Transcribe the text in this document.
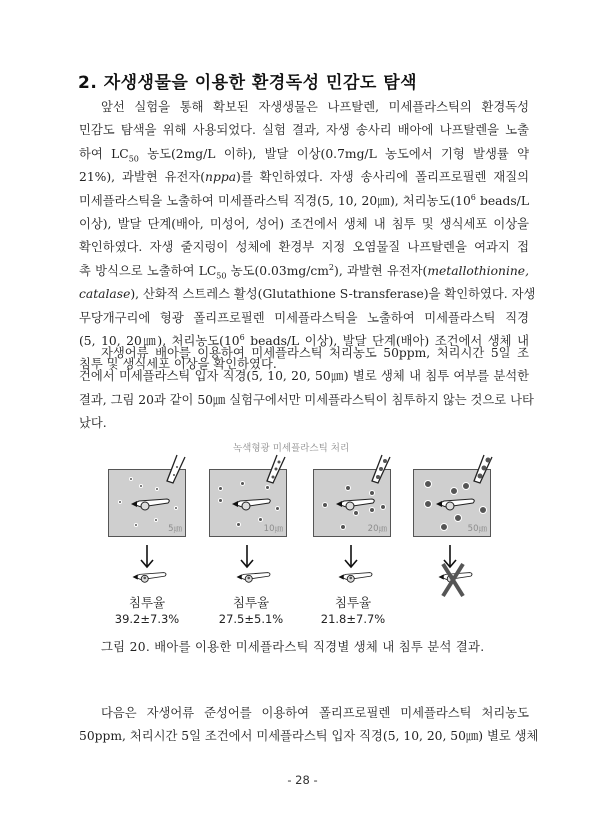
2. 자생생물을 이용한 환경독성 민감도 탐색
앞선 실험을 통해 확보된 자생생물은 나프탈렌, 미세플라스틱의 환경독성
민감도 탐색을 위해 사용되었다. 실험 결과, 자생 송사리 배아에 나프탈렌을 노출
하여 $LC_{50}$ 농도(2mg/L 이하), 발달 이상(0.7mg/L 농도에서 기형 발생률 약
21%), 과발현 유전자(nppa)를 확인하였다. 자생 송사리에 폴리프로필렌 재질의
미세플라스틱을 노출하여 미세플라스틱 직경(5, 10, 20㎛), 처리농도($10^6$ beads/L
이상), 발달 단계(배아, 미성어, 성어) 조건에서 생체 내 침투 및 생식세포 이상을
확인하였다. 자생 줄지렁이 성체에 환경부 지정 오염물질 나프탈렌을 여과지 접
촉 방식으로 노출하여 $LC_{50}$ 농도$(0.03mg/cm^2)$, 과발현 유전자(metallothionine,
catalase), 산화적 스트레스 활성(Glutathione S-transferase)을 확인하였다. 자생
무당개구리에 형광 폴리프로필렌 미세플라스틱을 노출하여 미세플라스틱 직경
(5, 10, 20㎛), 처리농도($10^6$ beads/L 이상), 발달 단계(배아) 조건에서 생체 내
침투 및 생식세포 이상을 확인하였다.
자생어류 배아를 이용하여 미세플라스틱 처리농도 50ppm, 처리시간 5일 조
건에서 미세플라스틱 입자 직경(5, 10, 20, 50㎛) 별로 생체 내 침투 여부를 분석한
결과, 그림 20과 같이 50㎛ 실험구에서만 미세플라스틱이 침투하지 않는 것으로 나타
났다.
녹색형광 미세플라스틱 처리
5㎛	10㎛	20㎛	50㎛
침투율
39.2±7.3%
침투율
27.5±5.1%
침투율
21.8±7.7%
그림 20. 배아를 이용한 미세플라스틱 직경별 생체 내 침투 분석 결과.
다음은 자생어류 준성어를 이용하여 폴리프로필렌 미세플라스틱 처리농도
50ppm, 처리시간 5일 조건에서 미세플라스틱 입자 직경(5, 10, 20, 50㎛) 별로 생체
- 28 -
